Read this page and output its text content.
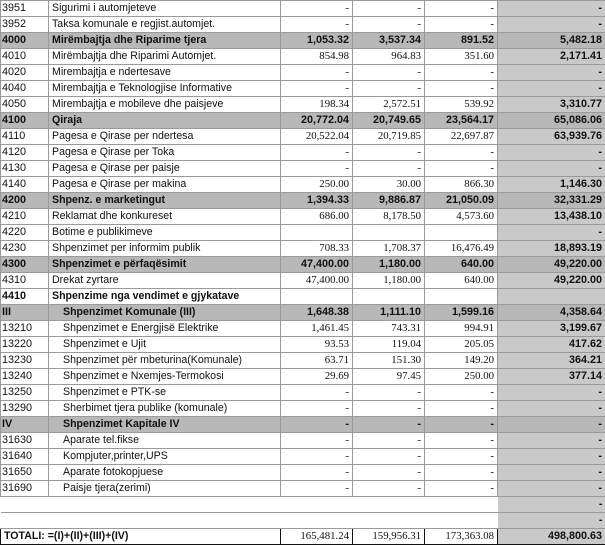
3951	Sigurimi i automjeteve	-	-	-	-
3952	Taksa komunale e regjist.automjet.	-	-	-	-
4000	Mirëmbajtja dhe Riparime tjera	1,053.32	3,537.34	891.52	5,482.18
4010	Mirëmbajtja dhe Riparimi Automjet.	854.98	964.83	351.60	2,171.41
4020	Mirembajtja e ndertesave	-	-	-	-
4040	Mirembajtja e Teknologjise Informative	-	-	-	-
4050	Mirembajtja e mobileve dhe paisjeve	198.34	2,572.51	539.92	3,310.77
4100	Qiraja	20,772.04	20,749.65	23,564.17	65,086.06
4110	Pagesa e Qirase per ndertesa	20,522.04	20,719.85	22,697.87	63,939.76
4120	Pagesa e Qirase per Toka	-	-	-	-
4130	Pagesa e Qirase per paisje	-	-	-	-
4140	Pagesa e Qirase per makina	250.00	30.00	866.30	1,146.30
4200	Shpenz. e marketingut	1,394.33	9,886.87	21,050.09	32,331.29
4210	Reklamat dhe konkureset	686.00	8,178.50	4,573.60	13,438.10
4220	Botime e publikimeve				-
4230	Shpenzimet per informim publik	708.33	1,708.37	16,476.49	18,893.19
4300	Shpenzimet e përfaqësimit	47,400.00	1,180.00	640.00	49,220.00
4310	Drekat zyrtare	47,400.00	1,180.00	640.00	49,220.00
4410	Shpenzime nga vendimet e gjykatave				
III	Shpenzimet Komunale (III)	1,648.38	1,111.10	1,599.16	4,358.64
13210	Shpenzimet e Energjisë Elektrike	1,461.45	743.31	994.91	3,199.67
13220	Shpenzimet e Ujit	93.53	119.04	205.05	417.62
13230	Shpenzimet për mbeturina(Komunale)	63.71	151.30	149.20	364.21
13240	Shpenzimet e Nxemjes-Termokosi	29.69	97.45	250.00	377.14
13250	Shpenzimet e PTK-se	-	-	-	-
13290	Sherbimet tjera publike (komunale)	-	-	-	-
IV	Shpenzimet Kapitale IV	-	-	-	-
31630	Aparate tel.fikse	-	-	-	-
31640	Kompjuter,printer,UPS	-	-	-	-
31650	Aparate fotokopjuese	-	-	-	-
31690	Paisje tjera(zerimi)	-	-	-	-
					-
					-
TOTALI: =(I)+(II)+(III)+(IV)		165,481.24	159,956.31	173,363.08	498,800.63
